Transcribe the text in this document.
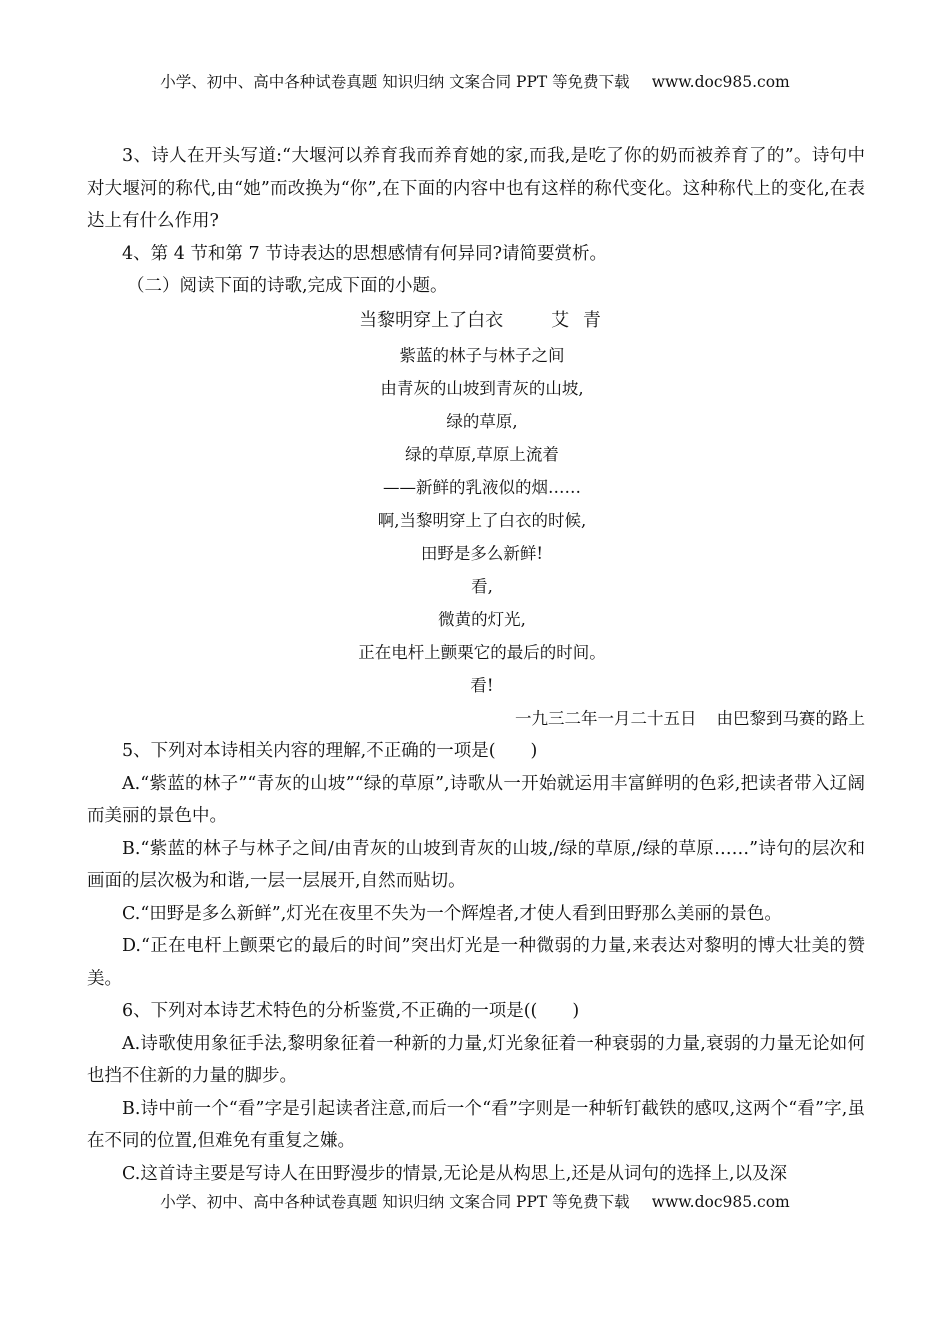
小学、初中、高中各种试卷真题 知识归纳 文案合同 PPT 等免费下载 www.doc985.com

3、诗人在开头写道:“大堰河以养育我而养育她的家,而我,是吃了你的奶而被养育了的”。诗句中对大堰河的称代,由“她”而改换为“你”,在下面的内容中也有这样的称代变化。这种称代上的变化,在表达上有什么作用?

4、第 4 节和第 7 节诗表达的思想感情有何异同?请简要赏析。

（二）阅读下面的诗歌,完成下面的小题。

当黎明穿上了白衣	艾 青
紫蓝的林子与林子之间
由青灰的山坡到青灰的山坡,
绿的草原,
绿的草原,草原上流着
——新鲜的乳液似的烟……
啊,当黎明穿上了白衣的时候,
田野是多么新鲜!
看,
微黄的灯光,
正在电杆上颤栗它的最后的时间。
看!
一九三二年一月二十五日 由巴黎到马赛的路上

5、下列对本诗相关内容的理解,不正确的一项是(　　)

A.“紫蓝的林子”“青灰的山坡”“绿的草原”,诗歌从一开始就运用丰富鲜明的色彩,把读者带入辽阔而美丽的景色中。

B.“紫蓝的林子与林子之间/由青灰的山坡到青灰的山坡,/绿的草原,/绿的草原……”诗句的层次和画面的层次极为和谐,一层一层展开,自然而贴切。

C.“田野是多么新鲜”,灯光在夜里不失为一个辉煌者,才使人看到田野那么美丽的景色。

D.“正在电杆上颤栗它的最后的时间”突出灯光是一种微弱的力量,来表达对黎明的博大壮美的赞美。

6、下列对本诗艺术特色的分析鉴赏,不正确的一项是((　　)

A.诗歌使用象征手法,黎明象征着一种新的力量,灯光象征着一种衰弱的力量,衰弱的力量无论如何也挡不住新的力量的脚步。

B.诗中前一个“看”字是引起读者注意,而后一个“看”字则是一种斩钉截铁的感叹,这两个“看”字,虽在不同的位置,但难免有重复之嫌。

C.这首诗主要是写诗人在田野漫步的情景,无论是从构思上,还是从词句的选择上,以及深

小学、初中、高中各种试卷真题 知识归纳 文案合同 PPT 等免费下载 www.doc985.com
